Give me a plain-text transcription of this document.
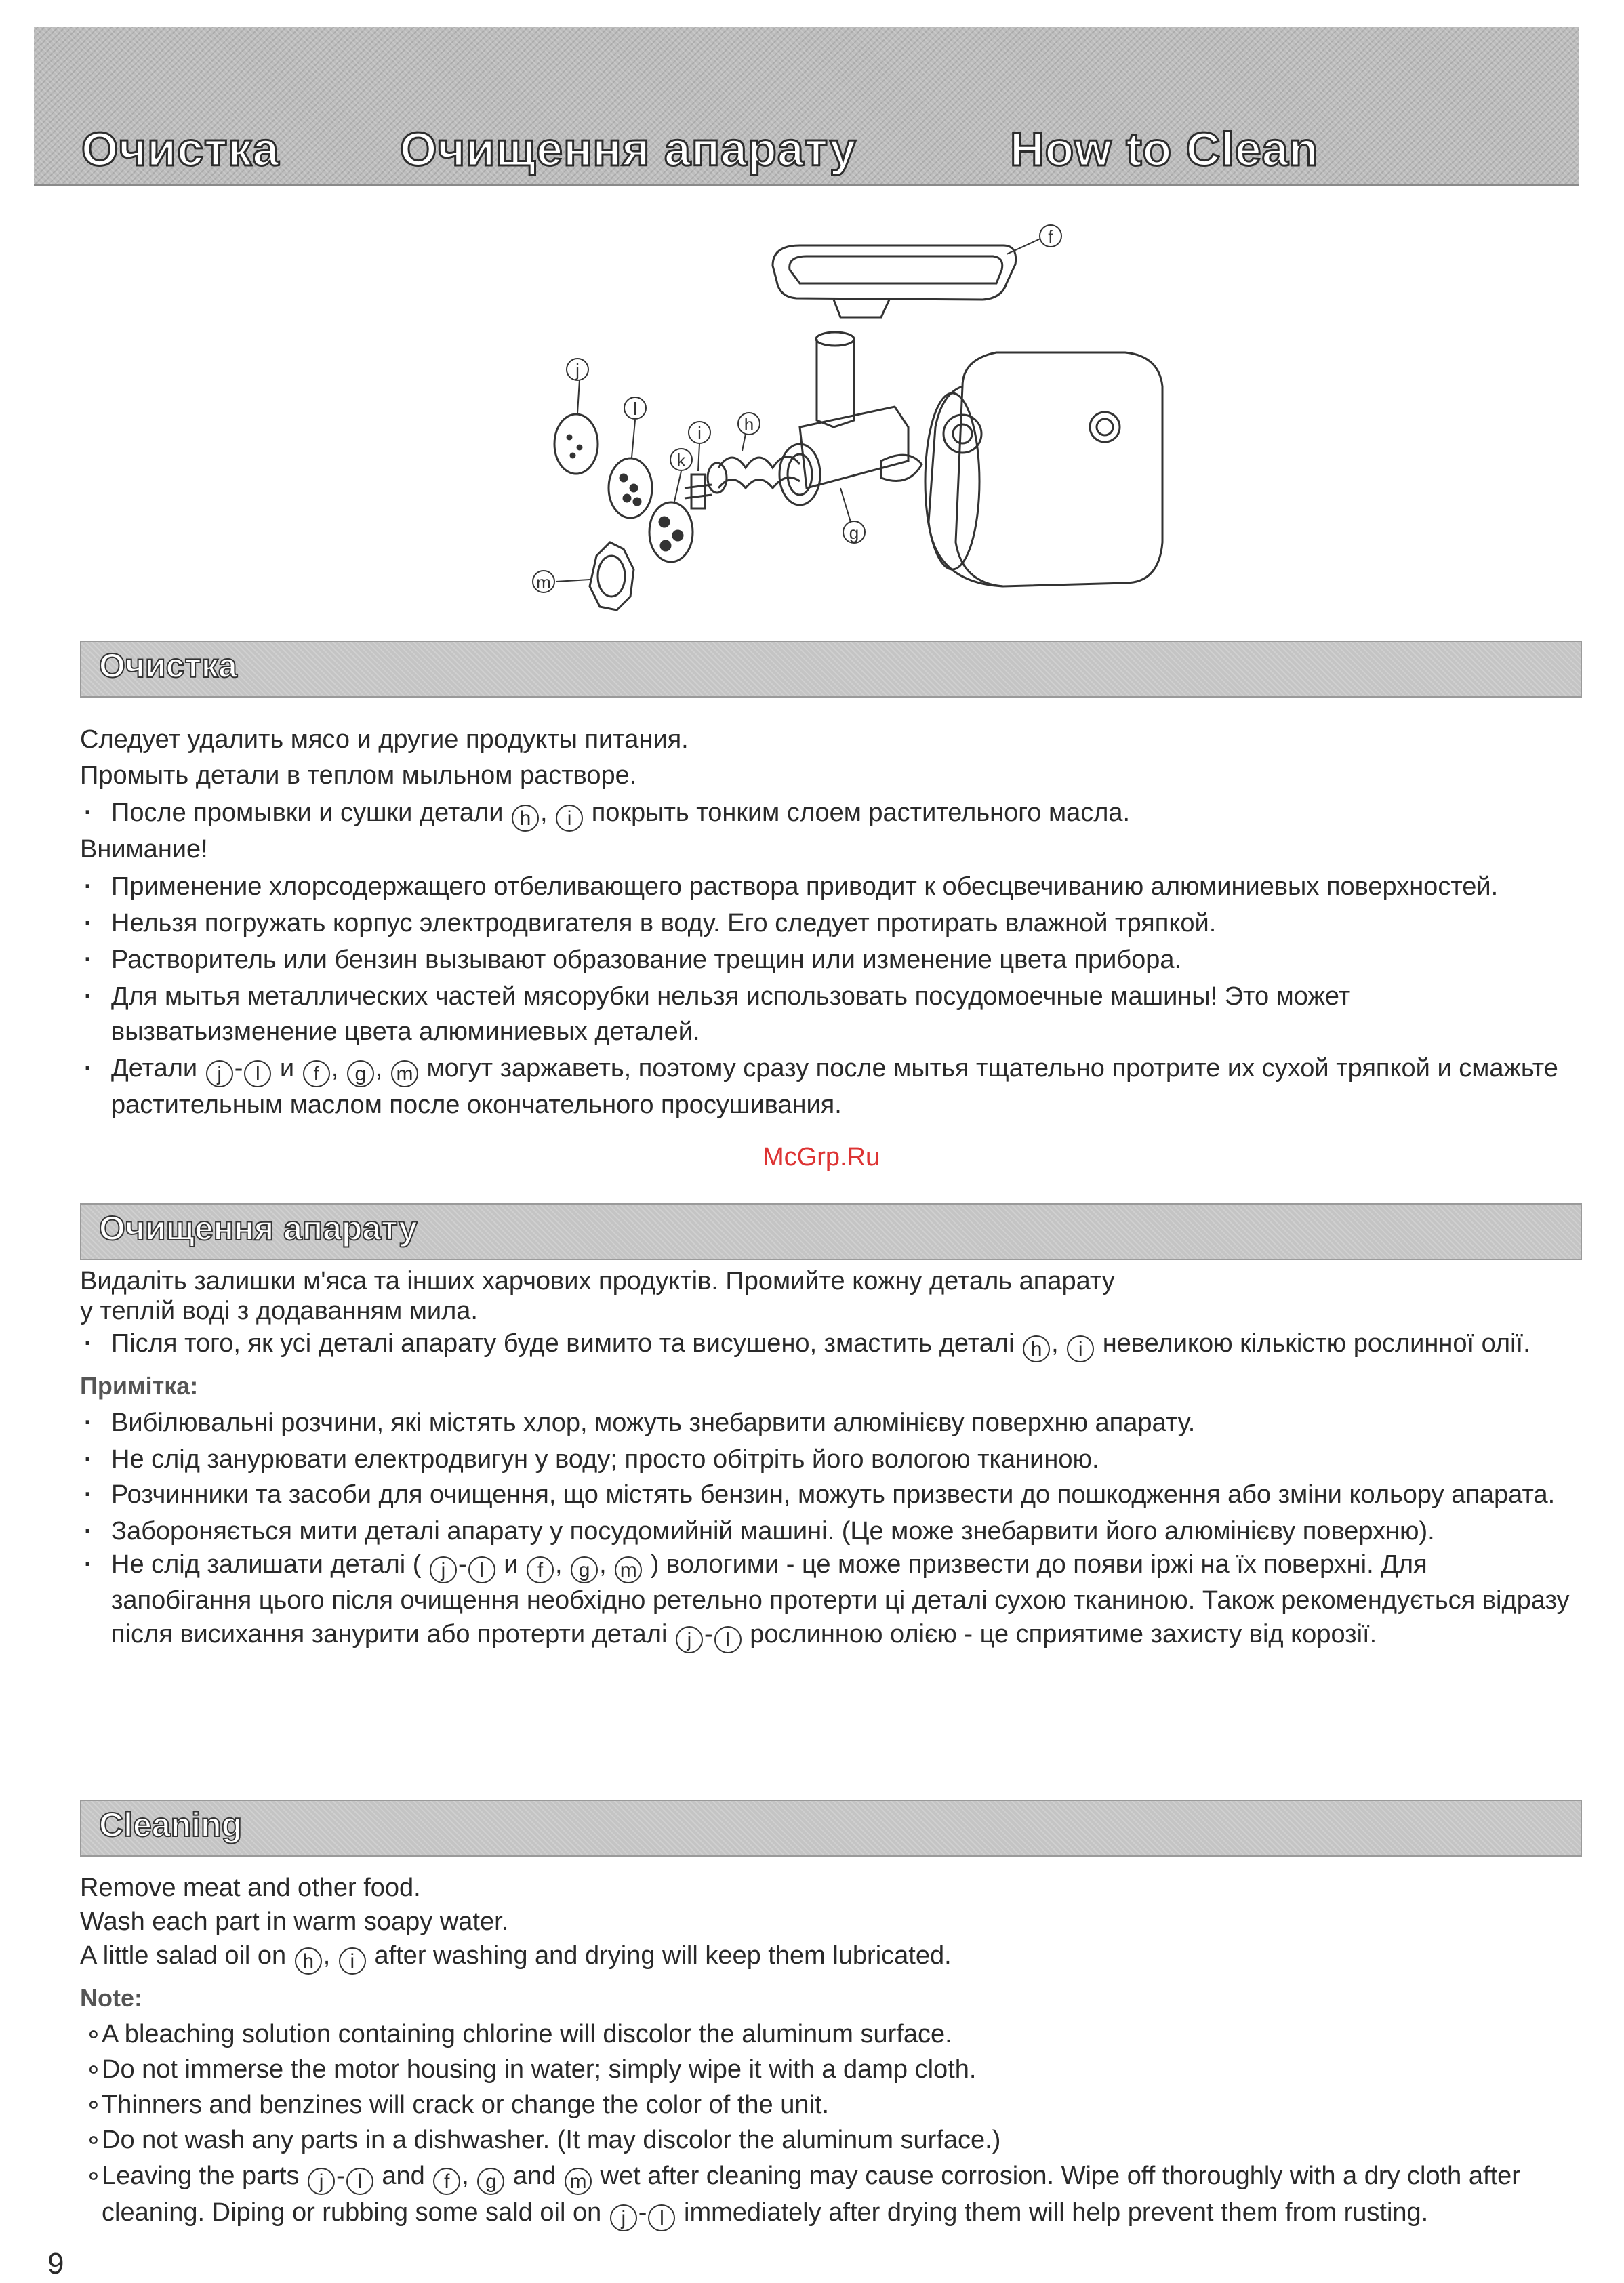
Очистка	Очищення апарату	How to Clean
f
g
h
i
j
l
k
m
Очистка
Следует удалить мясо и другие продукты питания.
Промыть детали в теплом мыльном растворе.
· После промывки и сушки детали h , i покрыть тонким слоем растительного масла.
Внимание!
· Применение хлорсодержащего отбеливающего раствора приводит к обесцвечиванию алюминиевых поверхностей.
· Нельзя погружать корпус электродвигателя в воду. Его следует протирать влажной тряпкой.
· Растворитель или бензин вызывают образование трещин или изменение цвета прибора.
· Для мытья металлических частей мясорубки нельзя использовать посудомоечные машины! Это может вызватьизменение цвета алюминиевых деталей.
· Детали j - l и f , g , m могут заржаветь, поэтому сразу после мытья тщательно протрите их сухой тряпкой и смажьте растительным маслом после окончательного просушивания.
McGrp.Ru
Очищення апарату
Видаліть залишки м'яса та інших харчових продуктів. Промийте кожну деталь апарату
у теплій воді з додаванням мила.
· Після того, як усі деталі апарату буде вимито та висушено, змастить деталі h , i невеликою кількістю рослинної олії.
Примітка:
· Вибілювальні розчини, які містять хлор, можуть знебарвити алюмінієву поверхню апарату.
· Не слід занурювати електродвигун у воду; просто обітріть його вологою тканиною.
· Розчинники та засоби для очищення, що містять бензин, можуть призвести до пошкодження або зміни кольору апарата.
· Забороняється мити деталі апарату у посудомийній машині. (Це може знебарвити його алюмінієву поверхню).
· Не слід залишати деталі ( j - l и f , g , m ) вологими - це може призвести до появи іржі на їх поверхні. Для запобігання цього після очищення необхідно ретельно протерти ці деталі сухою тканиною. Також рекомендується відразу після висихання занурити або протерти деталі j - l рослинною олією - це сприятиме захисту від корозії.
Cleaning
Remove meat and other food.
Wash each part in warm soapy water.
A little salad oil on h , i after washing and drying will keep them lubricated.
Note:
∘ A bleaching solution containing chlorine will discolor the aluminum surface.
∘ Do not immerse the motor housing in water; simply wipe it with a damp cloth.
∘ Thinners and benzines will crack or change the color of the unit.
∘ Do not wash any parts in a dishwasher. (It may discolor the aluminum surface.)
∘ Leaving the parts j - l and f , g and m wet after cleaning may cause corrosion. Wipe off thoroughly with a dry cloth after cleaning. Diping or rubbing some sald oil on j - l immediately after drying them will help prevent them from rusting.
9
